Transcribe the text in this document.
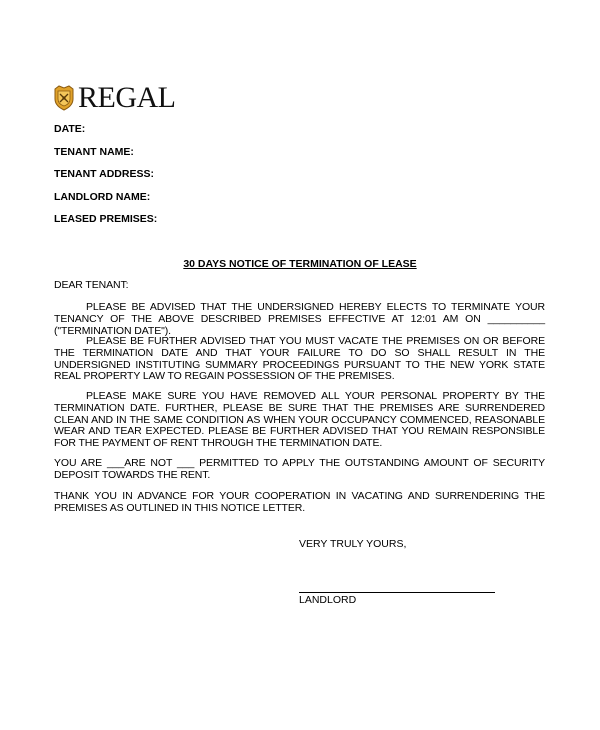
REGAL
DATE:
TENANT NAME:
TENANT ADDRESS:
LANDLORD NAME:
LEASED PREMISES:
30 DAYS NOTICE OF TERMINATION OF LEASE
DEAR TENANT:
PLEASE BE ADVISED THAT THE UNDERSIGNED HEREBY ELECTS TO TERMINATE YOUR TENANCY OF THE ABOVE DESCRIBED PREMISES EFFECTIVE AT 12:01 AM ON __________ ("TERMINATION DATE").
PLEASE BE FURTHER ADVISED THAT YOU MUST VACATE THE PREMISES ON OR BEFORE THE TERMINATION DATE AND THAT YOUR FAILURE TO DO SO SHALL RESULT IN THE UNDERSIGNED INSTITUTING SUMMARY PROCEEDINGS PURSUANT TO THE NEW YORK STATE REAL PROPERTY LAW TO REGAIN POSSESSION OF THE PREMISES.
PLEASE MAKE SURE YOU HAVE REMOVED ALL YOUR PERSONAL PROPERTY BY THE TERMINATION DATE. FURTHER, PLEASE BE SURE THAT THE PREMISES ARE SURRENDERED CLEAN AND IN THE SAME CONDITION AS WHEN YOUR OCCUPANCY COMMENCED, REASONABLE WEAR AND TEAR EXPECTED. PLEASE BE FURTHER ADVISED THAT YOU REMAIN RESPONSIBLE FOR THE PAYMENT OF RENT THROUGH THE TERMINATION DATE.
YOU ARE ___ARE NOT ___ PERMITTED TO APPLY THE OUTSTANDING AMOUNT OF SECURITY DEPOSIT TOWARDS THE RENT.
THANK YOU IN ADVANCE FOR YOUR COOPERATION IN VACATING AND SURRENDERING THE PREMISES AS OUTLINED IN THIS NOTICE LETTER.
VERY TRULY YOURS,
LANDLORD
